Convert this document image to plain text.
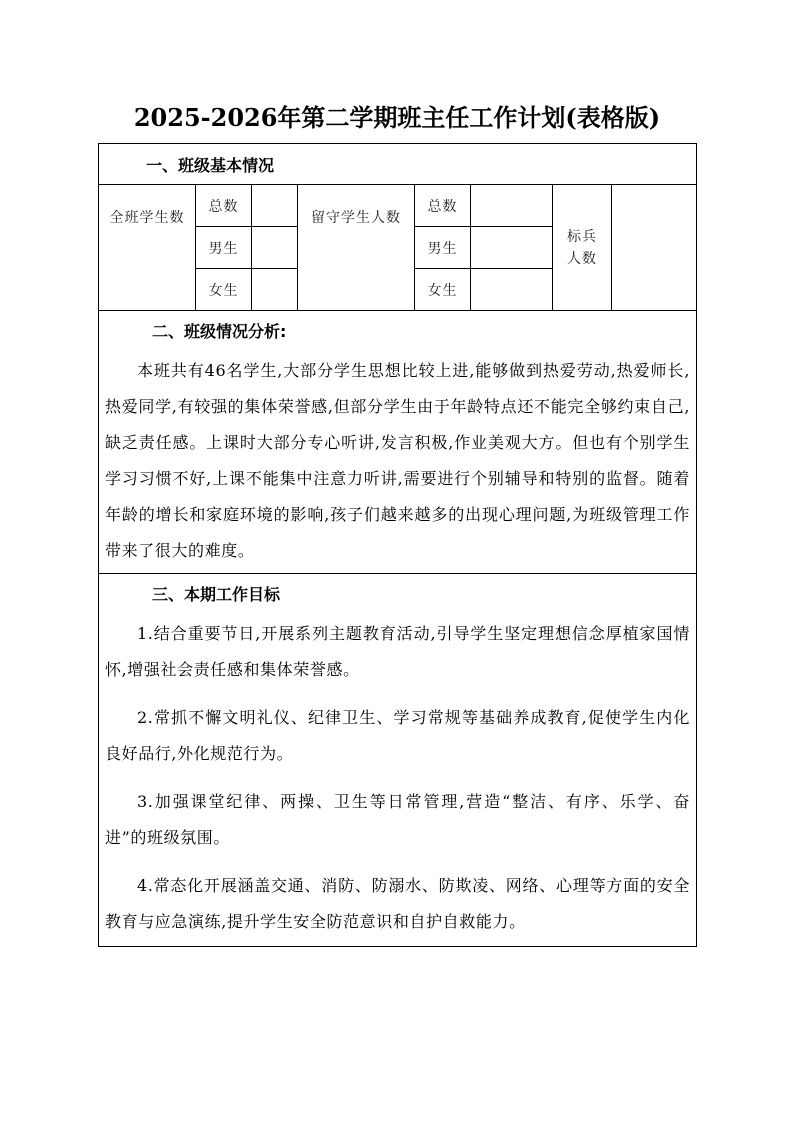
2025-2026年第二学期班主任工作计划(表格版)
一、班级基本情况							
全班学生数	总数		留守学生人数	总数		标兵
人数	
	男生			男生			
	女生			女生			

二、班级情况分析:

本班共有46名学生,大部分学生思想比较上进,能够做到热爱劳动,热爱师长,热爱同学,有较强的集体荣誉感,但部分学生由于年龄特点还不能完全够约束自己,缺乏责任感。上课时大部分专心听讲,发言积极,作业美观大方。但也有个别学生学习习惯不好,上课不能集中注意力听讲,需要进行个别辅导和特别的监督。随着年龄的增长和家庭环境的影响,孩子们越来越多的出现心理问题,为班级管理工作带来了很大的难度。							

三、本期工作目标

1.结合重要节日,开展系列主题教育活动,引导学生坚定理想信念厚植家国情怀,增强社会责任感和集体荣誉感。

2.常抓不懈文明礼仪、纪律卫生、学习常规等基础养成教育,促使学生内化良好品行,外化规范行为。

3.加强课堂纪律、两操、卫生等日常管理,营造“整洁、有序、乐学、奋进”的班级氛围。

4.常态化开展涵盖交通、消防、防溺水、防欺凌、网络、心理等方面的安全教育与应急演练,提升学生安全防范意识和自护自救能力。							
